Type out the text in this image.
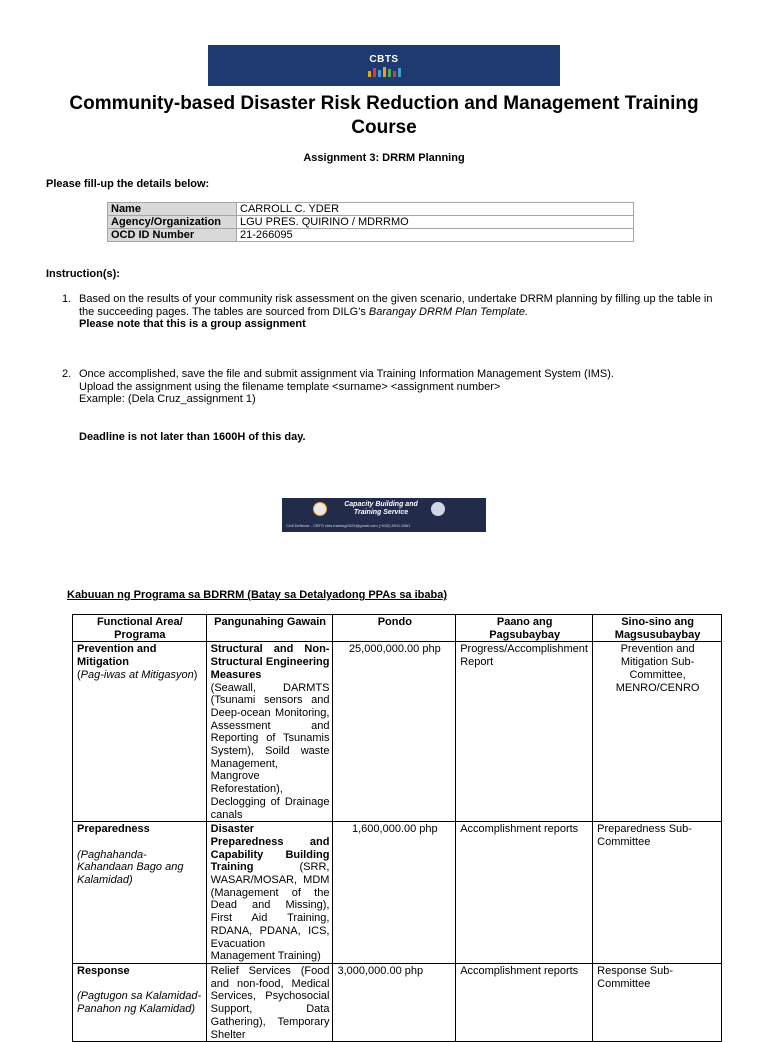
CBTS
Community-based Disaster Risk Reduction and Management Training Course
Assignment 3: DRRM Planning
Please fill-up the details below:
Name	CARROLL C. YDER
Agency/Organization	LGU PRES. QUIRINO / MDRRMO
OCD ID Number	21-266095
Instruction(s):
1. Based on the results of your community risk assessment on the given scenario, undertake DRRM planning by filling up the table in the succeeding pages. The tables are sourced from DILG's Barangay DRRM Plan Template.
Please note that this is a group assignment
2. Once accomplished, save the file and submit assignment via Training Information Management System (IMS).
Upload the assignment using the filename template <surname> <assignment number>
Example: (Dela Cruz_assignment 1)
Deadline is not later than 1600H of this day.
Capacity Building and
Training Service
Civil Defense - CBTS cbts.training2022@gmail.com (+632) 8911-5061
Kabuuan ng Programa sa BDRRM (Batay sa Detalyadong PPAs sa ibaba)
Functional Area/ Programa	Pangunahing Gawain	Pondo	Paano ang Pagsubaybay	Sino-sino ang Magsusubaybay
Prevention and Mitigation
(Pag-iwas at Mitigasyon)	Structural and Non-Structural Engineering Measures
(Seawall, DARMTS (Tsunami sensors and Deep-ocean Monitoring, Assessment and Reporting of Tsunamis System), Soild waste Management, Mangrove Reforestation), Declogging of Drainage canals	25,000,000.00 php	Progress/Accomplishment Report	Prevention and Mitigation Sub-Committee, MENRO/CENRO
Preparedness

(Paghahanda-Kahandaan Bago ang Kalamidad)	Disaster Preparedness and Capability Building Training (SRR, WASAR/MOSAR, MDM (Management of the Dead and Missing), First Aid Training, RDANA, PDANA, ICS, Evacuation Management Training)	1,600,000.00 php	Accomplishment reports	Preparedness Sub-Committee
Response

(Pagtugon sa Kalamidad- Panahon ng Kalamidad)	Relief Services (Food and non-food, Medical Services, Psychosocial Support, Data Gathering), Temporary Shelter	3,000,000.00 php	Accomplishment reports	Response Sub-Committee
